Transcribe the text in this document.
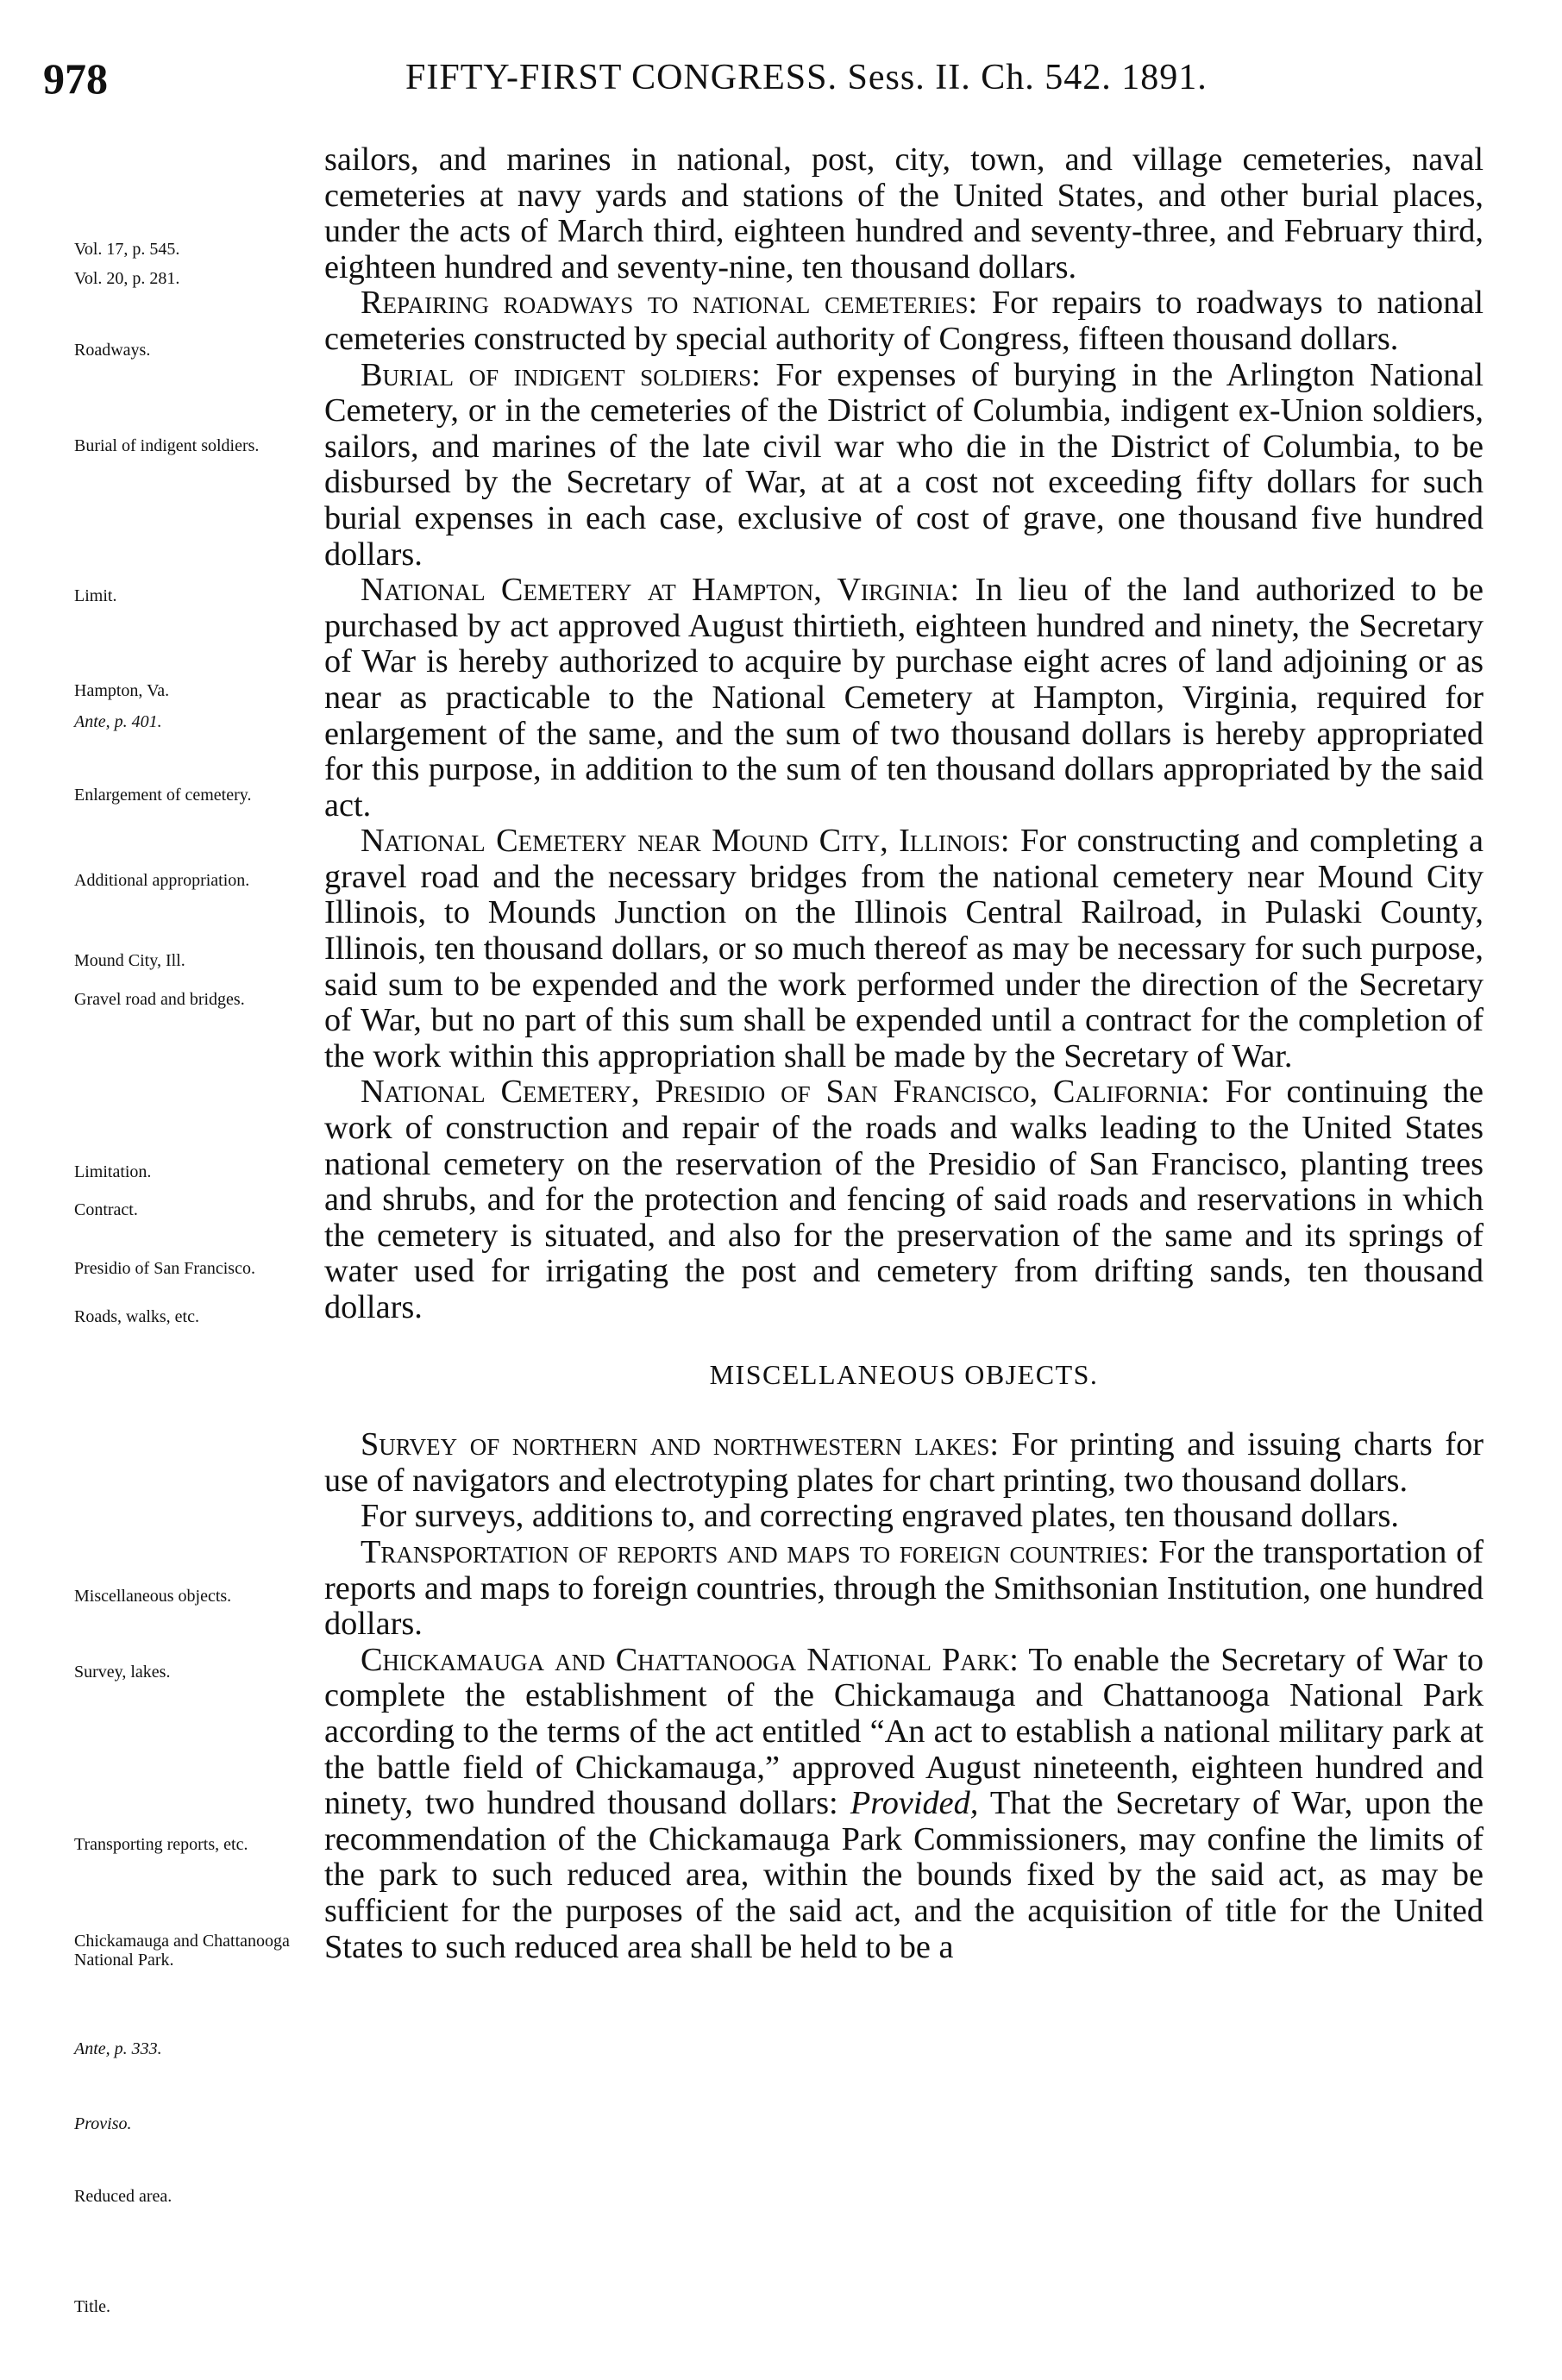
978	FIFTY-FIRST CONGRESS. Sess. II. Ch. 542. 1891.
Vol. 17, p. 545.
Vol. 20, p. 281.
Roadways.
Burial of indigent soldiers.
Limit.
Hampton, Va.
Ante, p. 401.
Enlargement of cemetery.
Additional appropriation.
Mound City, Ill.
Gravel road and bridges.
Limitation.
Contract.
Presidio of San Francisco.
Roads, walks, etc.
Miscellaneous objects.
Survey, lakes.
Transporting reports, etc.
Chickamauga and Chattanooga National Park.
Ante, p. 333.
Proviso.
Reduced area.
Title.

sailors, and marines in national, post, city, town, and village cemeteries, naval cemeteries at navy yards and stations of the United States, and other burial places, under the acts of March third, eighteen hundred and seventy-three, and February third, eighteen hundred and seventy-nine, ten thousand dollars.

Repairing roadways to national cemeteries: For repairs to roadways to national cemeteries constructed by special authority of Congress, fifteen thousand dollars.

Burial of indigent soldiers: For expenses of burying in the Arlington National Cemetery, or in the cemeteries of the District of Columbia, indigent ex-Union soldiers, sailors, and marines of the late civil war who die in the District of Columbia, to be disbursed by the Secretary of War, at at a cost not exceeding fifty dollars for such burial expenses in each case, exclusive of cost of grave, one thousand five hundred dollars.

National Cemetery at Hampton, Virginia: In lieu of the land authorized to be purchased by act approved August thirtieth, eighteen hundred and ninety, the Secretary of War is hereby authorized to acquire by purchase eight acres of land adjoining or as near as practicable to the National Cemetery at Hampton, Virginia, required for enlargement of the same, and the sum of two thousand dollars is hereby appropriated for this purpose, in addition to the sum of ten thousand dollars appropriated by the said act.

National Cemetery near Mound City, Illinois: For constructing and completing a gravel road and the necessary bridges from the national cemetery near Mound City Illinois, to Mounds Junction on the Illinois Central Railroad, in Pulaski County, Illinois, ten thousand dollars, or so much thereof as may be necessary for such purpose, said sum to be expended and the work performed under the direction of the Secretary of War, but no part of this sum shall be expended until a contract for the completion of the work within this appropriation shall be made by the Secretary of War.

National Cemetery, Presidio of San Francisco, California: For continuing the work of construction and repair of the roads and walks leading to the United States national cemetery on the reservation of the Presidio of San Francisco, planting trees and shrubs, and for the protection and fencing of said roads and reservations in which the cemetery is situated, and also for the preservation of the same and its springs of water used for irrigating the post and cemetery from drifting sands, ten thousand dollars.

MISCELLANEOUS OBJECTS.

Survey of northern and northwestern lakes: For printing and issuing charts for use of navigators and electrotyping plates for chart printing, two thousand dollars.

For surveys, additions to, and correcting engraved plates, ten thousand dollars.

Transportation of reports and maps to foreign countries: For the transportation of reports and maps to foreign countries, through the Smithsonian Institution, one hundred dollars.

Chickamauga and Chattanooga National Park: To enable the Secretary of War to complete the establishment of the Chickamauga and Chattanooga National Park according to the terms of the act entitled “An act to establish a national military park at the battle field of Chickamauga,” approved August nineteenth, eighteen hundred and ninety, two hundred thousand dollars: Provided, That the Secretary of War, upon the recommendation of the Chickamauga Park Commissioners, may confine the limits of the park to such reduced area, within the bounds fixed by the said act, as may be sufficient for the purposes of the said act, and the acquisition of title for the United States to such reduced area shall be held to be a
